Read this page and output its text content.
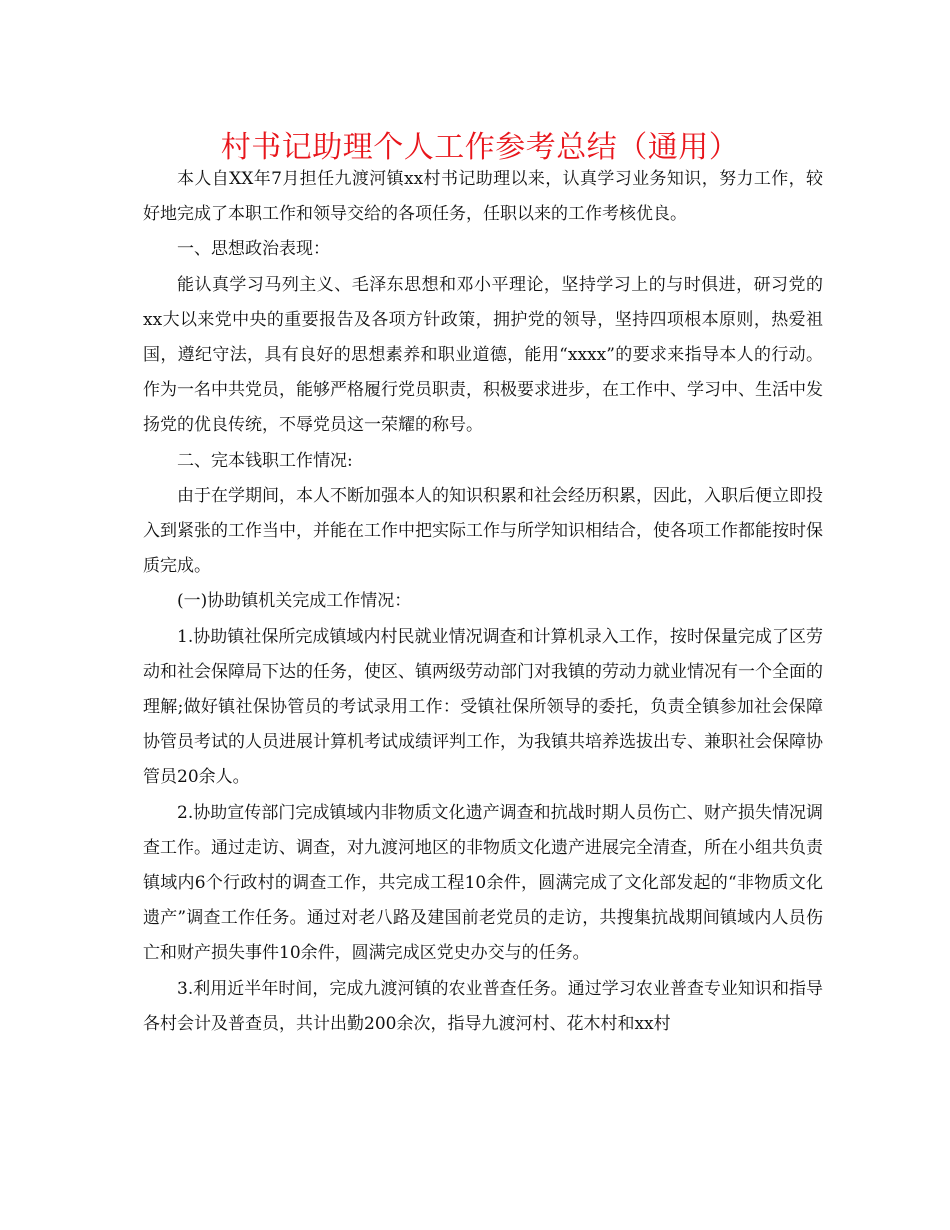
村书记助理个人工作参考总结（通用）

本人自XX年7月担任九渡河镇xx村书记助理以来，认真学习业务知识，努力工作，较好地完成了本职工作和领导交给的各项任务，任职以来的工作考核优良。

一、思想政治表现：

能认真学习马列主义、毛泽东思想和邓小平理论，坚持学习上的与时俱进，研习党的xx大以来党中央的重要报告及各项方针政策，拥护党的领导，坚持四项根本原则，热爱祖国，遵纪守法，具有良好的思想素养和职业道德，能用“xxxx”的要求来指导本人的行动。作为一名中共党员，能够严格履行党员职责，积极要求进步，在工作中、学习中、生活中发扬党的优良传统，不辱党员这一荣耀的称号。

二、完本钱职工作情况:

由于在学期间，本人不断加强本人的知识积累和社会经历积累，因此，入职后便立即投入到紧张的工作当中，并能在工作中把实际工作与所学知识相结合，使各项工作都能按时保质完成。

(一)协助镇机关完成工作情况：

1.协助镇社保所完成镇域内村民就业情况调查和计算机录入工作，按时保量完成了区劳动和社会保障局下达的任务，使区、镇两级劳动部门对我镇的劳动力就业情况有一个全面的理解;做好镇社保协管员的考试录用工作：受镇社保所领导的委托，负责全镇参加社会保障协管员考试的人员进展计算机考试成绩评判工作，为我镇共培养选拔出专、兼职社会保障协管员20余人。

2.协助宣传部门完成镇域内非物质文化遗产调查和抗战时期人员伤亡、财产损失情况调查工作。通过走访、调查，对九渡河地区的非物质文化遗产进展完全清查，所在小组共负责镇域内6个行政村的调查工作，共完成工程10余件，圆满完成了文化部发起的“非物质文化遗产”调查工作任务。通过对老八路及建国前老党员的走访，共搜集抗战期间镇域内人员伤亡和财产损失事件10余件，圆满完成区党史办交与的任务。

3.利用近半年时间，完成九渡河镇的农业普查任务。通过学习农业普查专业知识和指导各村会计及普查员，共计出勤200余次，指导九渡河村、花木村和xx村
